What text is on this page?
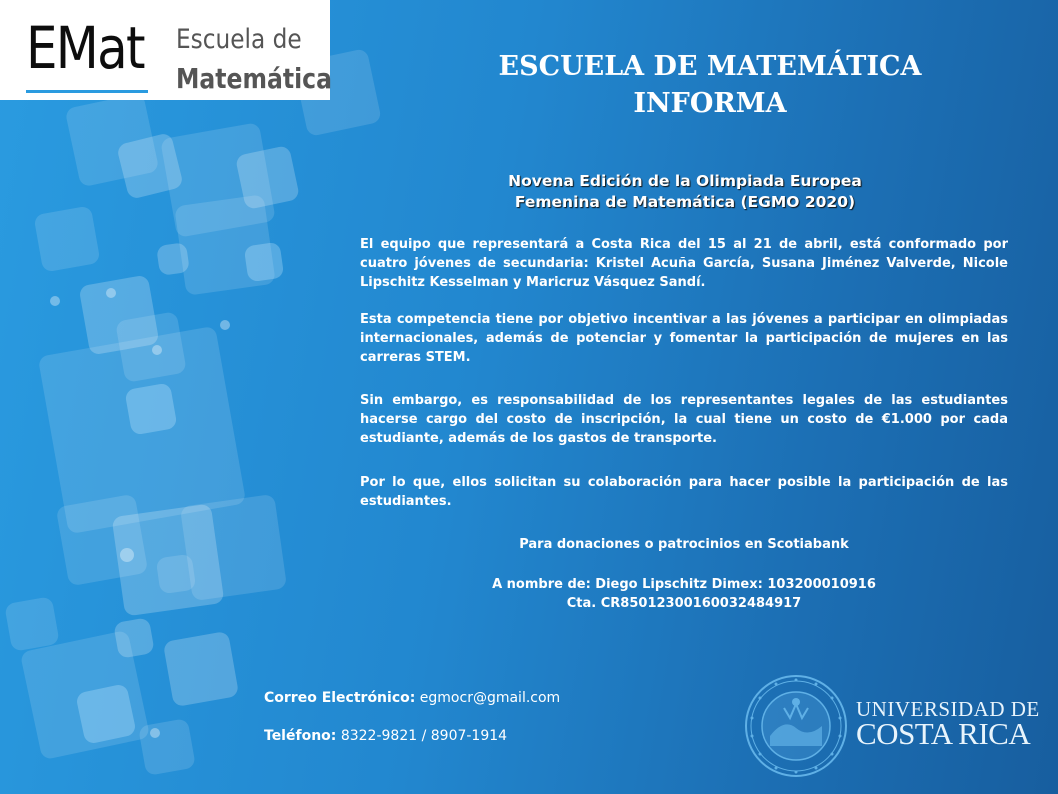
EMat Escuela de
Matemática	ESCUELA DE MATEMÁTICA
INFORMA
Novena Edición de la Olimpiada Europea
Femenina de Matemática (EGMO 2020)
El equipo que representará a Costa Rica del 15 al 21 de abril, está conformado por cuatro jóvenes de secundaria: Kristel Acuña García, Susana Jiménez Valverde, Nicole Lipschitz Kesselman y Maricruz Vásquez Sandí.
Esta competencia tiene por objetivo incentivar a las jóvenes a participar en olimpiadas internacionales, además de potenciar y fomentar la participación de mujeres en las carreras STEM.
Sin embargo, es responsabilidad de los representantes legales de las estudiantes hacerse cargo del costo de inscripción, la cual tiene un costo de €1.000 por cada estudiante, además de los gastos de transporte.
Por lo que, ellos solicitan su colaboración para hacer posible la participación de las estudiantes.
Para donaciones o patrocinios en Scotiabank
A nombre de: Diego Lipschitz Dimex: 103200010916
Cta. CR85012300160032484917
Correo Electrónico: egmocr@gmail.com
Teléfono: 8322-9821 / 8907-1914
UNIVERSIDAD DE
COSTA RICA
